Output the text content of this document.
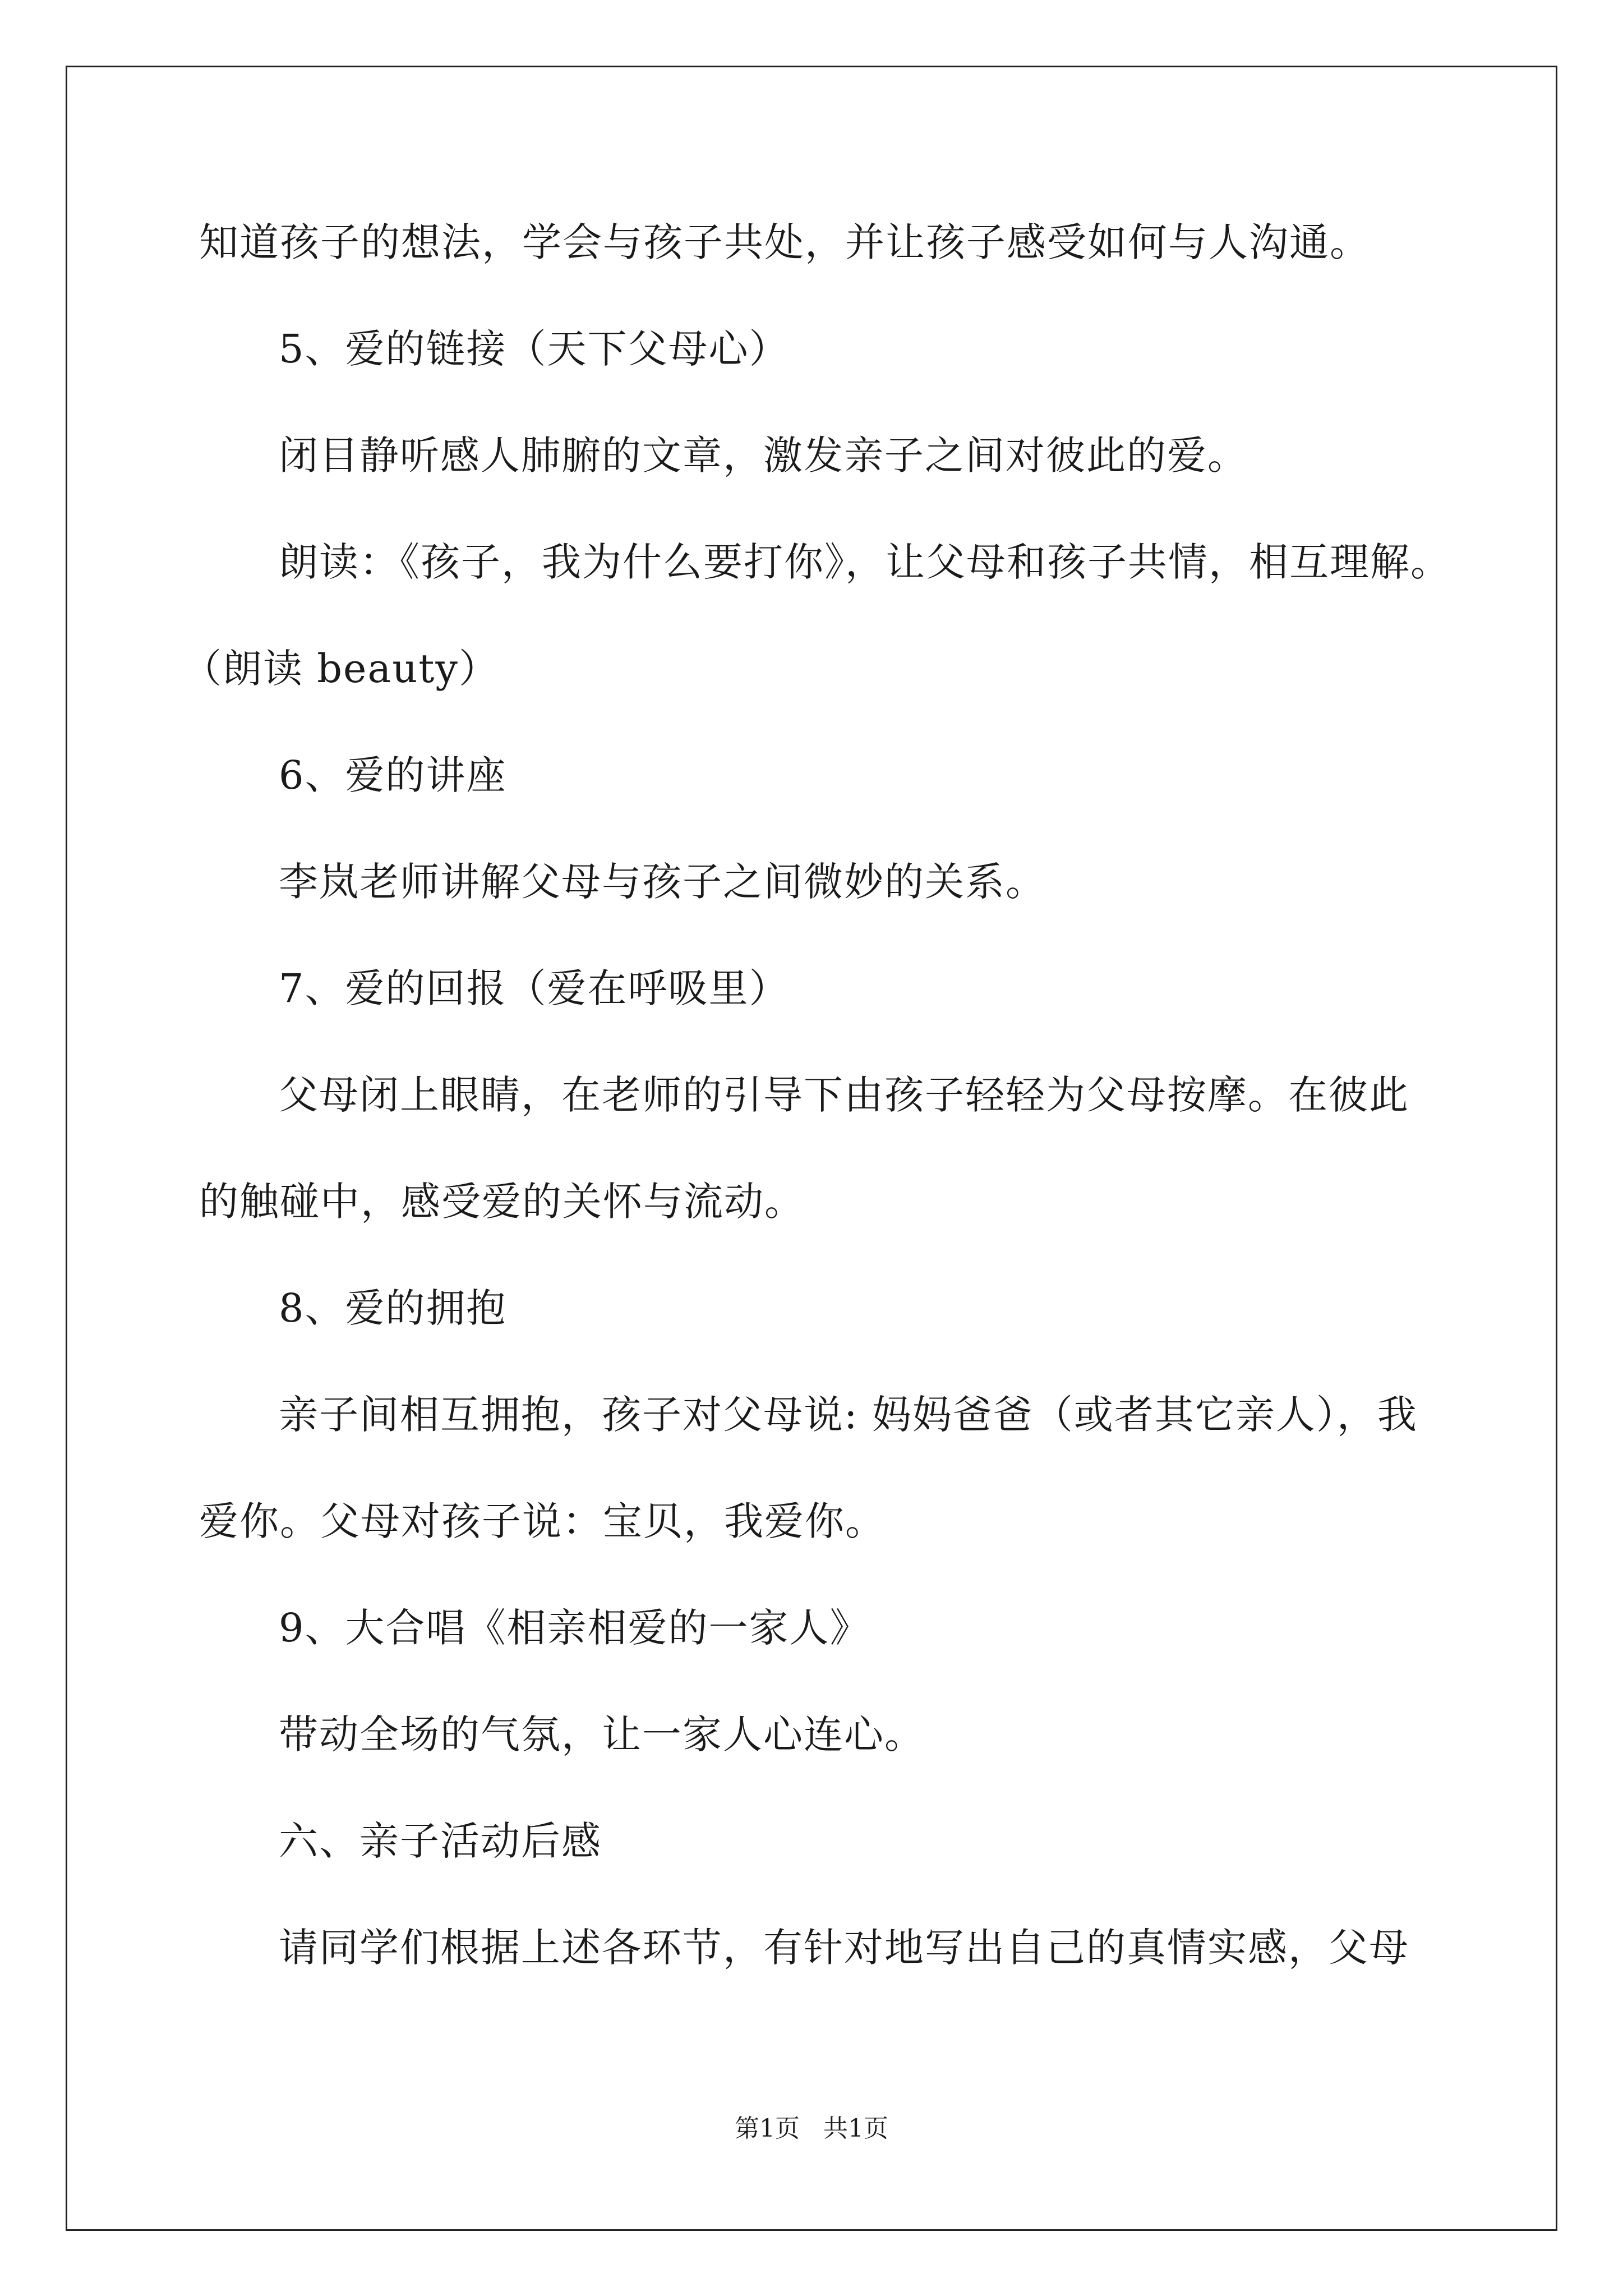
知道孩子的想法，学会与孩子共处，并让孩子感受如何与人沟通。
5、爱的链接（天下父母心）
闭目静听感人肺腑的文章，激发亲子之间对彼此的爱。
朗读：《孩子，我为什么要打你》，让父母和孩子共情，相互理解。
（朗读 beauty）
6、爱的讲座
李岚老师讲解父母与孩子之间微妙的关系。
7、爱的回报（爱在呼吸里）
父母闭上眼睛，在老师的引导下由孩子轻轻为父母按摩。在彼此
的触碰中，感受爱的关怀与流动。
8、爱的拥抱
亲子间相互拥抱，孩子对父母说: 妈妈爸爸（或者其它亲人），我
爱你。父母对孩子说：宝贝，我爱你。
9、大合唱《相亲相爱的一家人》
带动全场的气氛，让一家人心连心。
六、亲子活动后感
请同学们根据上述各环节，有针对地写出自己的真情实感，父母
第1页   共1页
